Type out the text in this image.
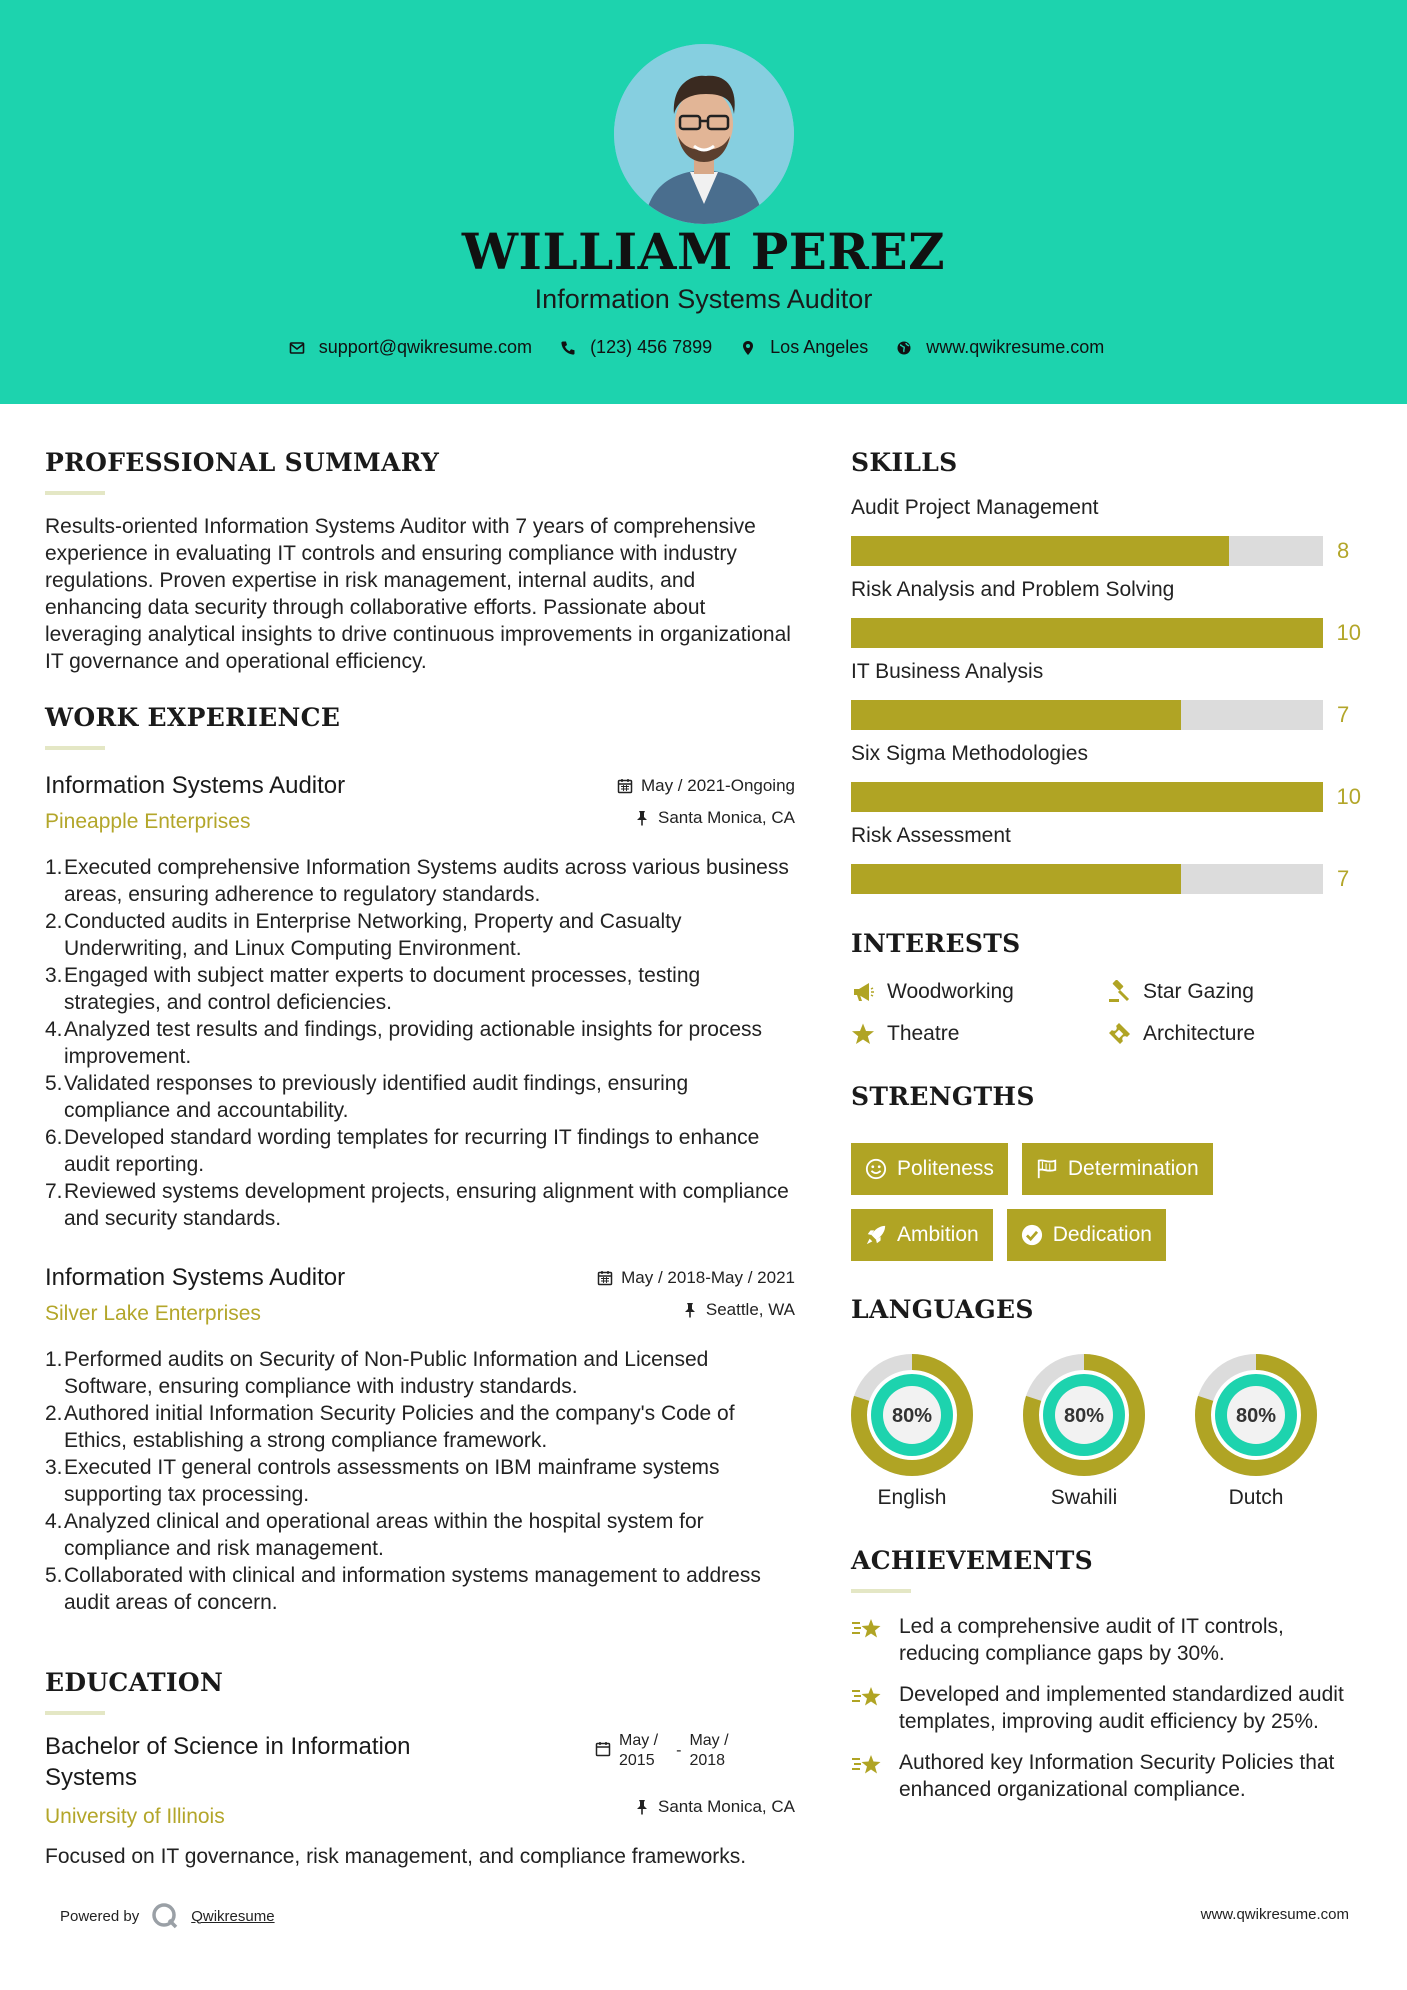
WILLIAM PEREZ
Information Systems Auditor
support@qwikresume.com	(123) 456 7899	Los Angeles	www.qwikresume.com
PROFESSIONAL SUMMARY
Results-oriented Information Systems Auditor with 7 years of comprehensive experience in evaluating IT controls and ensuring compliance with industry regulations. Proven expertise in risk management, internal audits, and enhancing data security through collaborative efforts. Passionate about leveraging analytical insights to drive continuous improvements in organizational IT governance and operational efficiency.
WORK EXPERIENCE
Information Systems Auditor
Pineapple Enterprises
May / 2021-Ongoing
Santa Monica, CA
1. Executed comprehensive Information Systems audits across various business areas, ensuring adherence to regulatory standards.
2. Conducted audits in Enterprise Networking, Property and Casualty Underwriting, and Linux Computing Environment.
3. Engaged with subject matter experts to document processes, testing strategies, and control deficiencies.
4. Analyzed test results and findings, providing actionable insights for process improvement.
5. Validated responses to previously identified audit findings, ensuring compliance and accountability.
6. Developed standard wording templates for recurring IT findings to enhance audit reporting.
7. Reviewed systems development projects, ensuring alignment with compliance and security standards.
Information Systems Auditor
Silver Lake Enterprises
May / 2018-May / 2021
Seattle, WA
1. Performed audits on Security of Non-Public Information and Licensed Software, ensuring compliance with industry standards.
2. Authored initial Information Security Policies and the company's Code of Ethics, establishing a strong compliance framework.
3. Executed IT general controls assessments on IBM mainframe systems supporting tax processing.
4. Analyzed clinical and operational areas within the hospital system for compliance and risk management.
5. Collaborated with clinical and information systems management to address audit areas of concern.
EDUCATION
Bachelor of Science in Information
Systems
University of Illinois
May /
2015
-
May /
2018
Santa Monica, CA
Focused on IT governance, risk management, and compliance frameworks.
SKILLS
Audit Project Management
8
Risk Analysis and Problem Solving
10
IT Business Analysis
7
Six Sigma Methodologies
10
Risk Assessment
7
INTERESTS
Woodworking	Star Gazing
Theatre	Architecture
STRENGTHS
Politeness	Determination
Ambition	Dedication
LANGUAGES
80%
English
80%
Swahili
80%
Dutch
ACHIEVEMENTS
Led a comprehensive audit of IT controls, reducing compliance gaps by 30%.
Developed and implemented standardized audit templates, improving audit efficiency by 25%.
Authored key Information Security Policies that enhanced organizational compliance.
Powered by	Qwikresume	www.qwikresume.com
